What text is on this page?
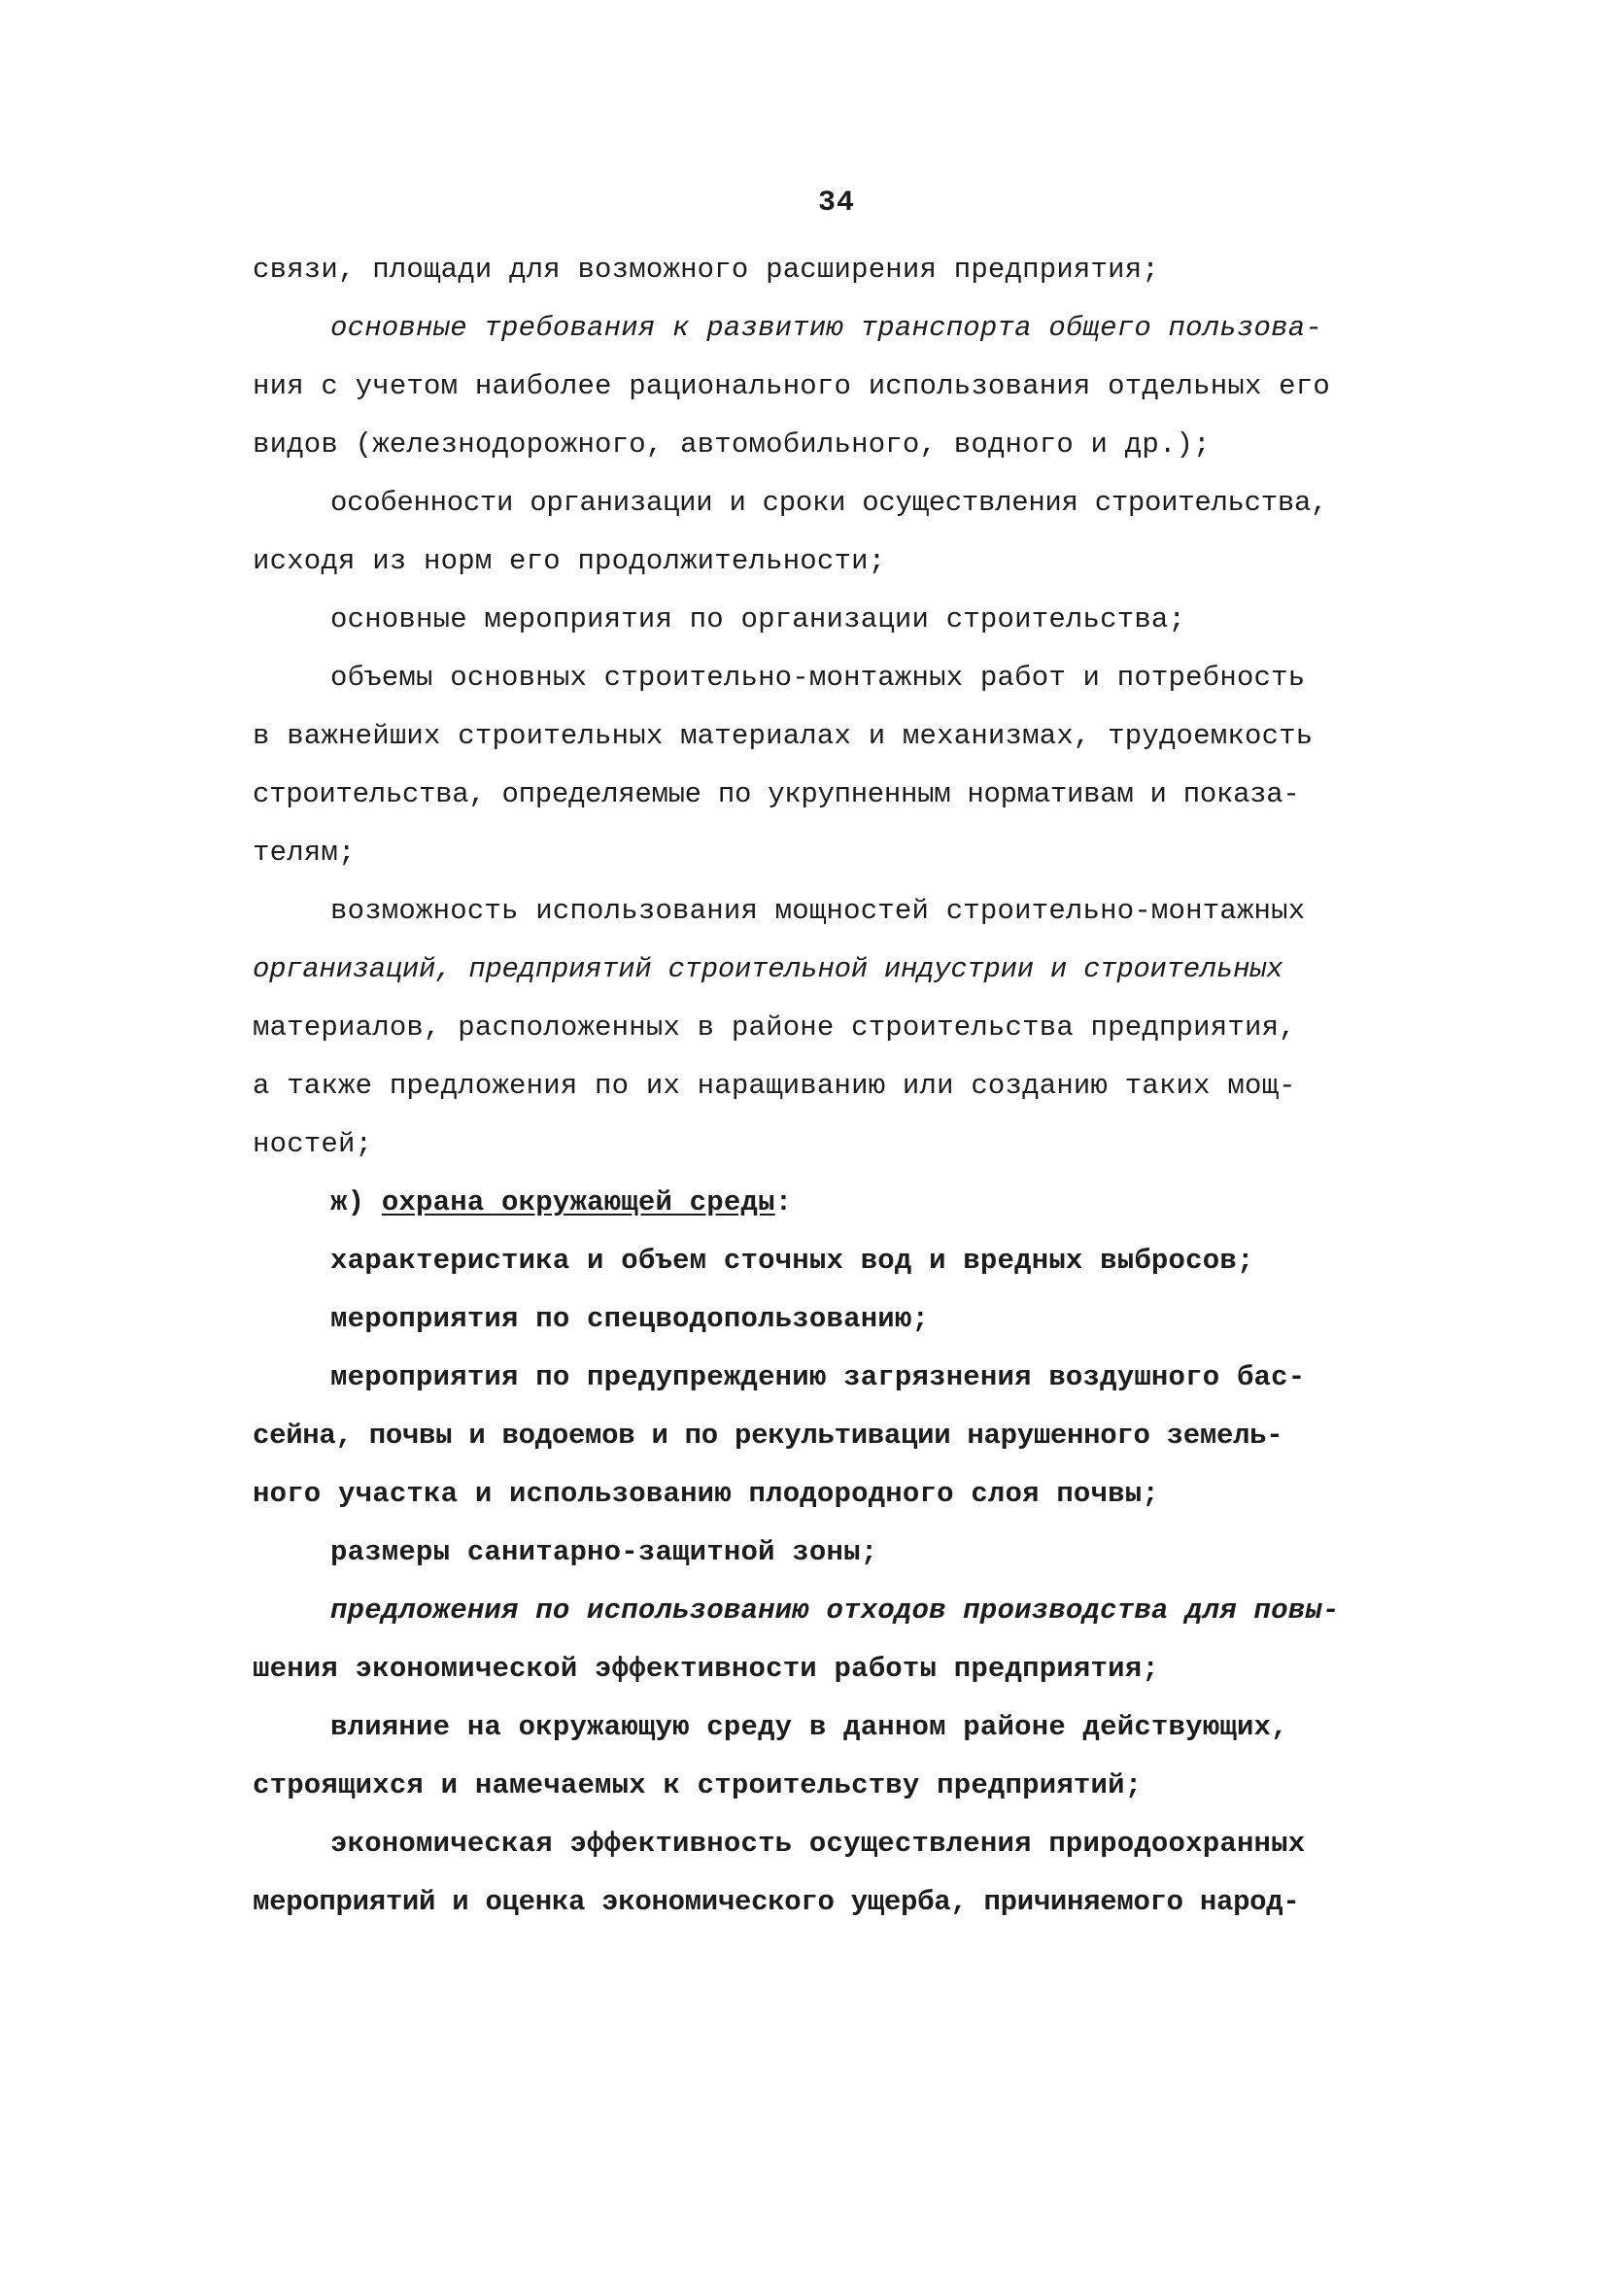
34
связи, площади для возможного расширения предприятия;
основные требования к развитию транспорта общего пользова-
ния с учетом наиболее рационального использования отдельных его
видов (железнодорожного, автомобильного, водного и др.);
особенности организации и сроки осуществления строительства,
исходя из норм его продолжительности;
основные мероприятия по организации строительства;
объемы основных строительно-монтажных работ и потребность
в важнейших строительных материалах и механизмах, трудоемкость
строительства, определяемые по укрупненным нормативам и показа-
телям;
возможность использования мощностей строительно-монтажных
организаций, предприятий строительной индустрии и строительных
материалов, расположенных в районе строительства предприятия,
а также предложения по их наращиванию или созданию таких мощ-
ностей;
ж) охрана окружающей среды:
характеристика и объем сточных вод и вредных выбросов;
мероприятия по спецводопользованию;
мероприятия по предупреждению загрязнения воздушного бас-
сейна, почвы и водоемов и по рекультивации нарушенного земель-
ного участка и использованию плодородного слоя почвы;
размеры санитарно-защитной зоны;
предложения по использованию отходов производства для повы-
шения экономической эффективности работы предприятия;
влияние на окружающую среду в данном районе действующих,
строящихся и намечаемых к строительству предприятий;
экономическая эффективность осуществления природоохранных
мероприятий и оценка экономического ущерба, причиняемого народ-
